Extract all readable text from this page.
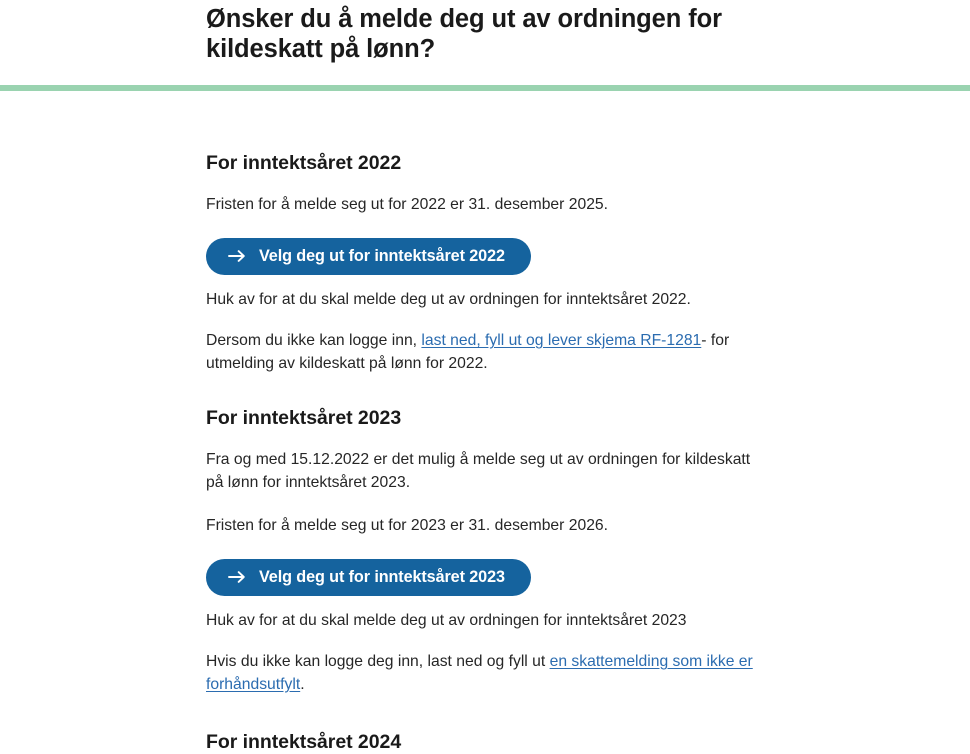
Ønsker du å melde deg ut av ordningen for kildeskatt på lønn?
For inntektsåret 2022

Fristen for å melde seg ut for 2022 er 31. desember 2025.

Velg deg ut for inntektsåret 2022

Huk av for at du skal melde deg ut av ordningen for inntektsåret 2022.

Dersom du ikke kan logge inn, last ned, fyll ut og lever skjema RF-1281- for utmelding av kildeskatt på lønn for 2022.

For inntektsåret 2023

Fra og med 15.12.2022 er det mulig å melde seg ut av ordningen for kildeskatt på lønn for inntektsåret 2023.

Fristen for å melde seg ut for 2023 er 31. desember 2026.

Velg deg ut for inntektsåret 2023

Huk av for at du skal melde deg ut av ordningen for inntektsåret 2023

Hvis du ikke kan logge deg inn, last ned og fyll ut en skattemelding som ikke er forhåndsutfylt.

For inntektsåret 2024
